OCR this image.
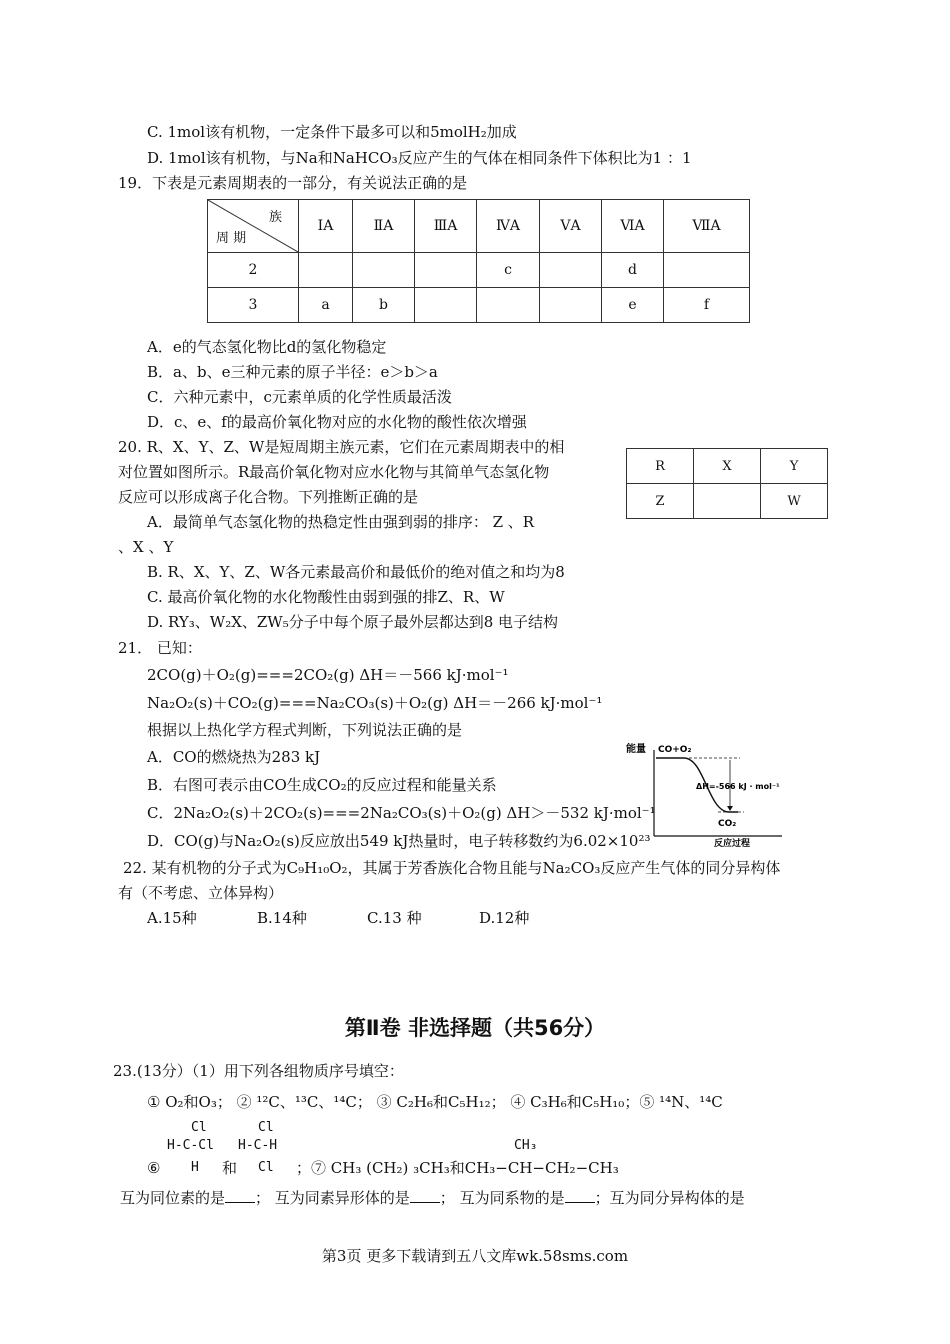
C. 1mol该有机物，一定条件下最多可以和5molH₂加成
D. 1mol该有机物，与Na和NaHCO₃反应产生的气体在相同条件下体积比为1 ：1
19．下表是元素周期表的一部分，有关说法正确的是
族
周 期	ⅠA	ⅡA	ⅢA	ⅣA	ⅤA	ⅥA	ⅦA
2				c		d	
3	a	b				e	f
A．e的气态氢化物比d的氢化物稳定
B．a、b、e三种元素的原子半径：e＞b＞a
C．六种元素中，c元素单质的化学性质最活泼
D．c、e、f的最高价氧化物对应的水化物的酸性依次增强
20. R、X、Y、Z、W是短周期主族元素，它们在元素周期表中的相
对位置如图所示。R最高价氧化物对应水化物与其简单气态氢化物
反应可以形成离子化合物。下列推断正确的是
R	X	Y
Z		W
A．最简单气态氢化物的热稳定性由强到弱的排序： Z 、R
、X 、Y
B. R、X、Y、Z、W各元素最高价和最低价的绝对值之和均为8
C. 最高价氧化物的水化物酸性由弱到强的排Z、R、W
D. RY₃、W₂X、ZW₅分子中每个原子最外层都达到8 电子结构
21． 已知：
2CO(g)＋O₂(g)===2CO₂(g) ΔH＝－566 kJ·mol⁻¹
Na₂O₂(s)＋CO₂(g)===Na₂CO₃(s)＋O₂(g) ΔH＝－266 kJ·mol⁻¹
根据以上热化学方程式判断，下列说法正确的是
A．CO的燃烧热为283 kJ
B．右图可表示由CO生成CO₂的反应过程和能量关系
C．2Na₂O₂(s)＋2CO₂(s)===2Na₂CO₃(s)＋O₂(g) ΔH＞－532 kJ·mol⁻¹
D．CO(g)与Na₂O₂(s)反应放出549 kJ热量时，电子转移数约为6.02×10²³
能量 CO+O₂
ΔH=-566 kJ · mol⁻¹
CO₂
反应过程
22. 某有机物的分子式为C₉H₁₀O₂，其属于芳香族化合物且能与Na₂CO₃反应产生气体的同分异构体
有（不考虑、立体异构）
A.15种	B.14种	C.13 种	D.12种
第Ⅱ卷 非选择题（共56分）
23.(13分）（1）用下列各组物质序号填空：
① O₂和O₃； ② ¹²C、¹³C、¹⁴C； ③ C₂H₆和C₅H₁₂； ④ C₃H₆和C₅H₁₀；⑤ ¹⁴N、¹⁴C
Cl
H-C-Cl
H
Cl
H-C-H
Cl
CH₃
⑥	和	；⑦ CH₃ (CH₂) ₃CH₃和CH₃−CH−CH₂−CH₃
互为同位素的是 ； 互为同素异形体的是 ； 互为同系物的是 ；互为同分异构体的是
第3页 更多下载请到五八文库wk.58sms.com
